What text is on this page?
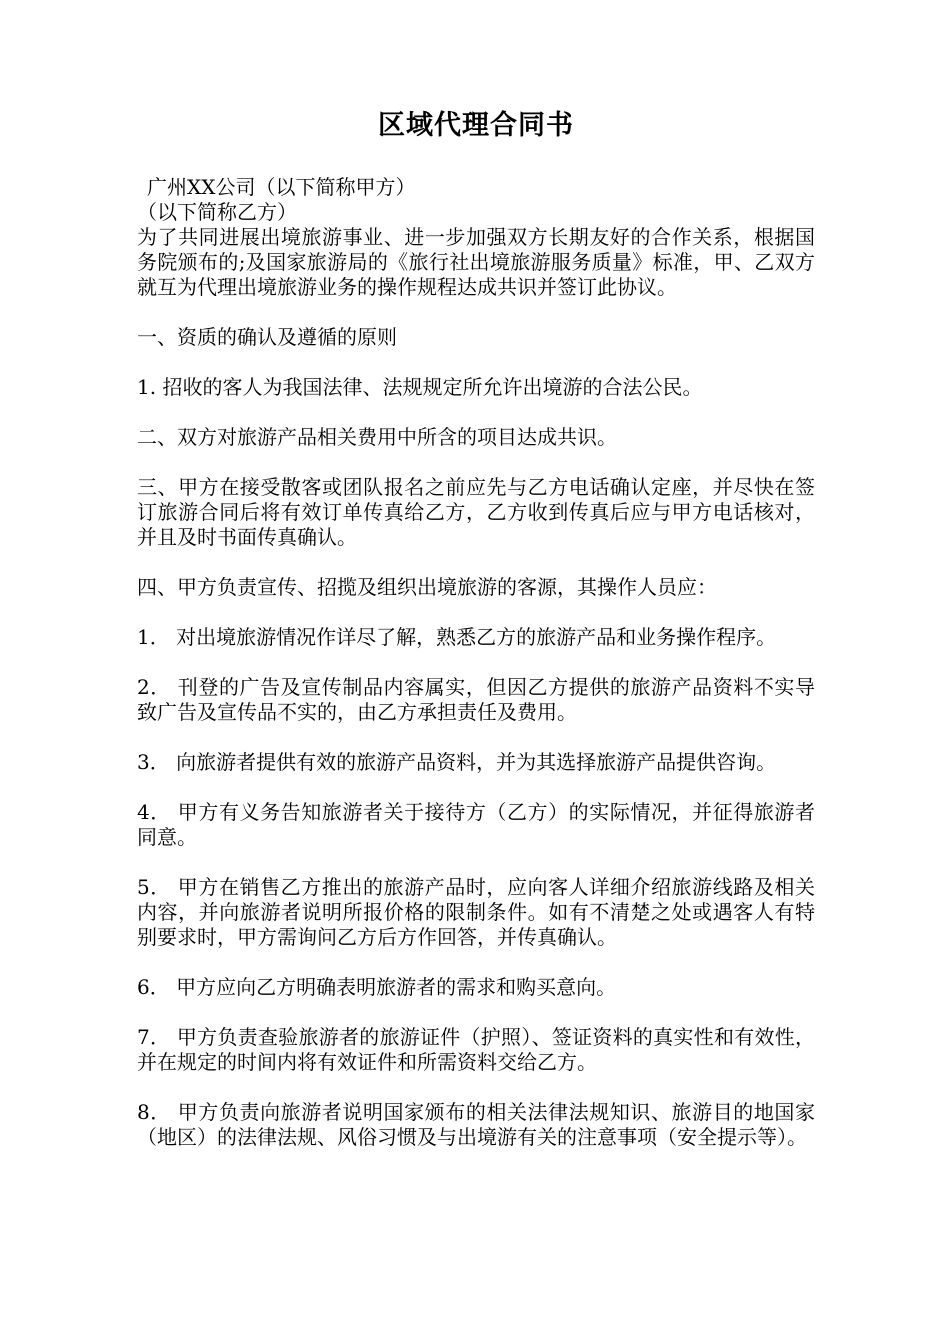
区域代理合同书
广州XX公司（以下简称甲方）
（以下简称乙方）
为了共同进展出境旅游事业、进一步加强双方长期友好的合作关系，根据国务院颁布的;及国家旅游局的《旅行社出境旅游服务质量》标准，甲、乙双方就互为代理出境旅游业务的操作规程达成共识并签订此协议。
一、资质的确认及遵循的原则
1. 招收的客人为我国法律、法规规定所允许出境游的合法公民。
二、双方对旅游产品相关费用中所含的项目达成共识。
三、甲方在接受散客或团队报名之前应先与乙方电话确认定座，并尽快在签订旅游合同后将有效订单传真给乙方，乙方收到传真后应与甲方电话核对，并且及时书面传真确认。
四、甲方负责宣传、招揽及组织出境旅游的客源，其操作人员应：
1． 对出境旅游情况作详尽了解，熟悉乙方的旅游产品和业务操作程序。
2． 刊登的广告及宣传制品内容属实，但因乙方提供的旅游产品资料不实导致广告及宣传品不实的，由乙方承担责任及费用。
3． 向旅游者提供有效的旅游产品资料，并为其选择旅游产品提供咨询。
4． 甲方有义务告知旅游者关于接待方（乙方）的实际情况，并征得旅游者同意。
5． 甲方在销售乙方推出的旅游产品时，应向客人详细介绍旅游线路及相关内容，并向旅游者说明所报价格的限制条件。如有不清楚之处或遇客人有特别要求时，甲方需询问乙方后方作回答，并传真确认。
6． 甲方应向乙方明确表明旅游者的需求和购买意向。
7． 甲方负责查验旅游者的旅游证件（护照）、签证资料的真实性和有效性，并在规定的时间内将有效证件和所需资料交给乙方。
8． 甲方负责向旅游者说明国家颁布的相关法律法规知识、旅游目的地国家（地区）的法律法规、风俗习惯及与出境游有关的注意事项（安全提示等）。
